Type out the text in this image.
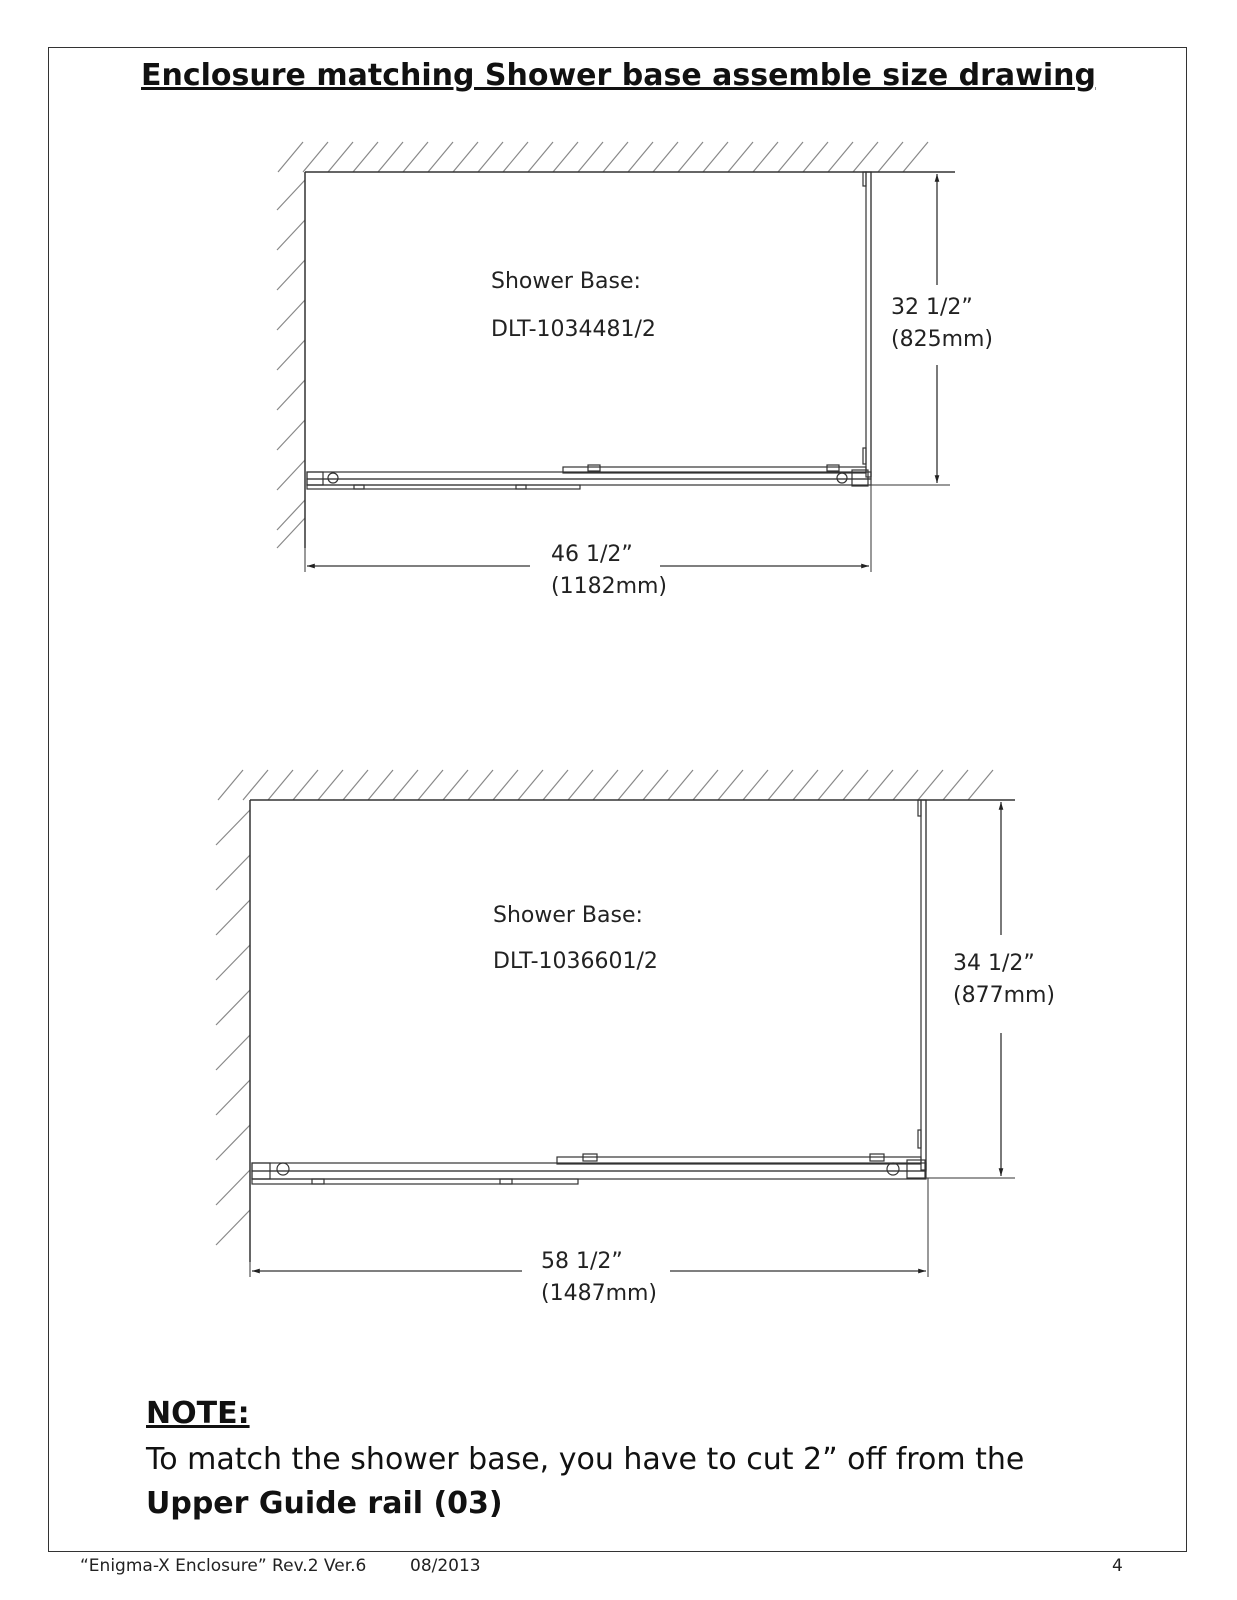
Enclosure matching Shower base assemble size drawing
Shower Base:
DLT-1034481/2
32 1/2”
(825mm)
46 1/2”
(1182mm)
Shower Base:
DLT-1036601/2	34 1/2”
(877mm)
58 1/2”
(1487mm)
NOTE:
To match the shower base, you have to cut 2” off from the Upper Guide rail (03)
“Enigma-X Enclosure” Rev.2 Ver.6	08/2013	4
